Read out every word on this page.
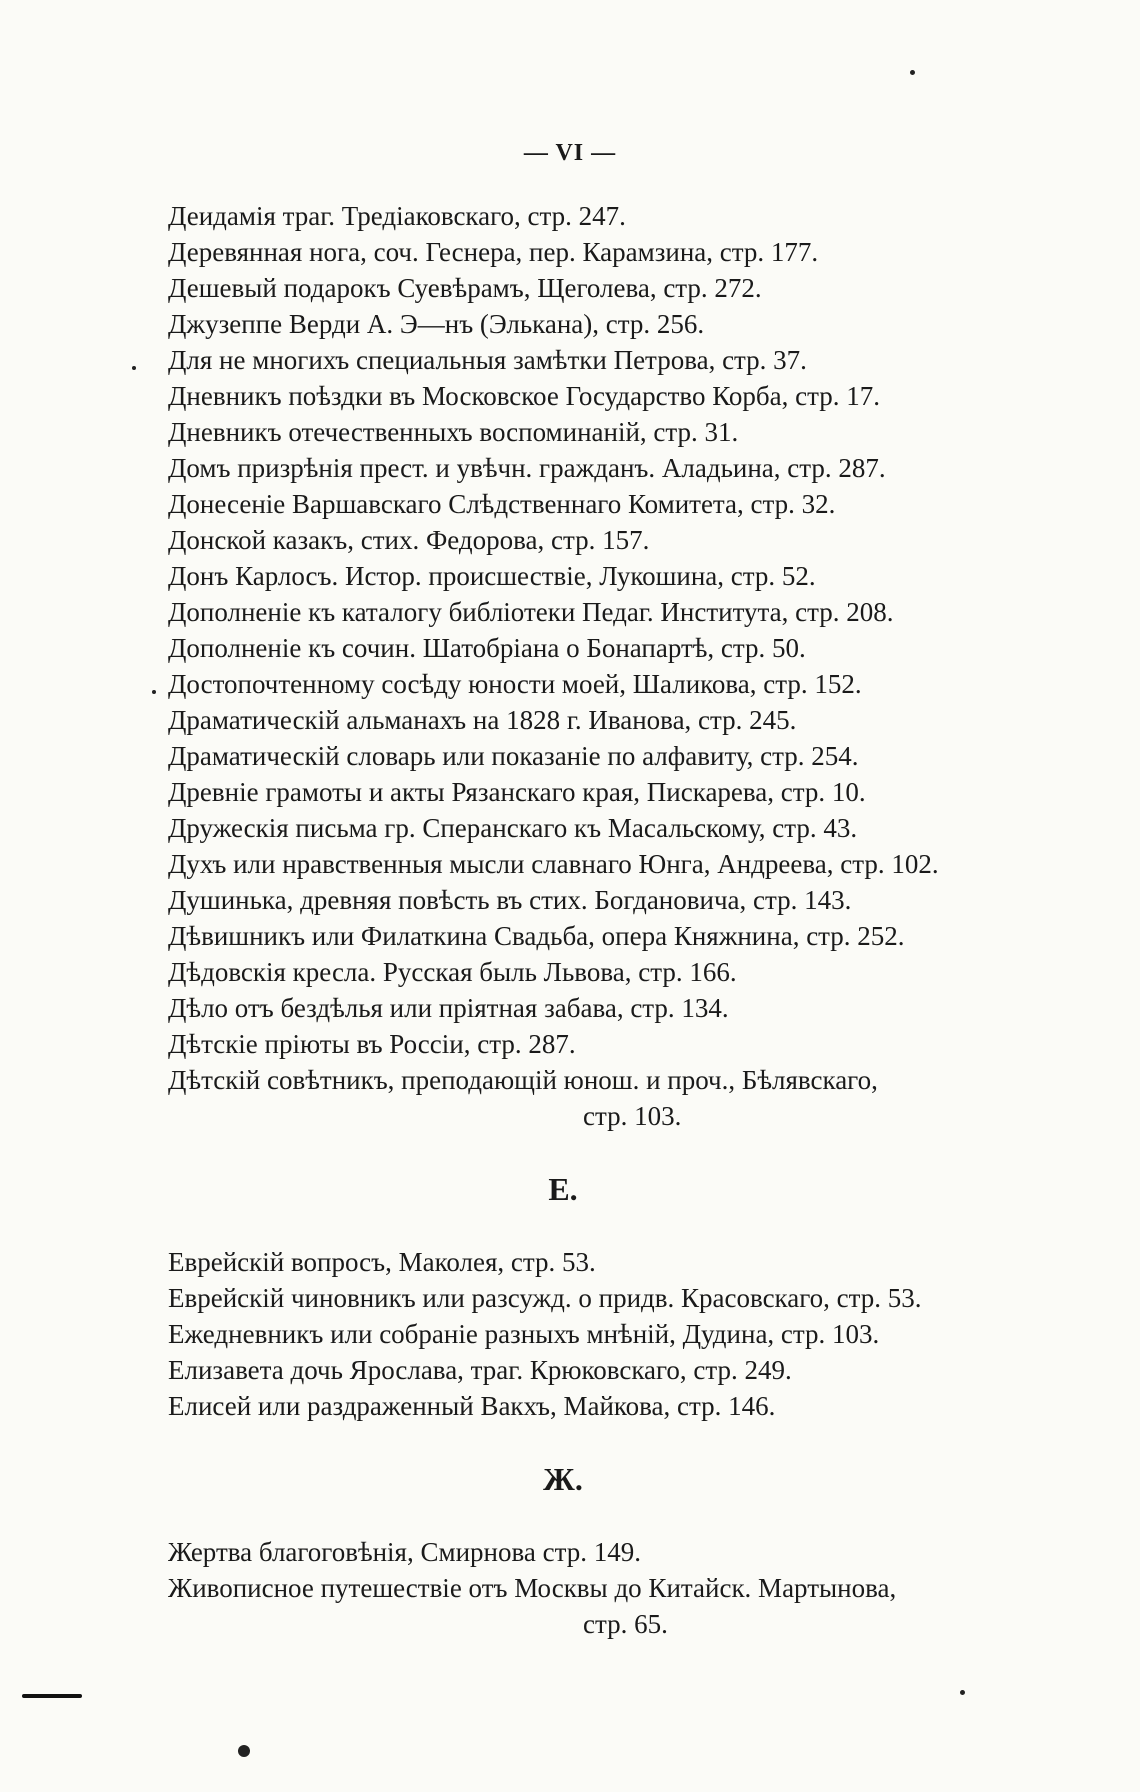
— VI —
Деидамія траг. Тредіаковскаго, стр. 247.
Деревянная нога, соч. Геснера, пер. Карамзина, стр. 177.
Дешевый подарокъ Суевѣрамъ, Щеголева, стр. 272.
Джузеппе Верди А. Э—нъ (Элькана), стр. 256.
Для не многихъ специальныя замѣтки Петрова, стр. 37.
Дневникъ поѣздки въ Московское Государство Корба, стр. 17.
Дневникъ отечественныхъ воспоминаній, стр. 31.
Домъ призрѣнія прест. и увѣчн. гражданъ. Аладьина, стр. 287.
Донесеніе Варшавскаго Слѣдственнаго Комитета, стр. 32.
Донской казакъ, стих. Федорова, стр. 157.
Донъ Карлосъ. Истор. происшествіе, Лукошина, стр. 52.
Дополненіе къ каталогу библіотеки Педаг. Института, стр. 208.
Дополненіе къ сочин. Шатобріана о Бонапартѣ, стр. 50.
Достопочтенному сосѣду юности моей, Шаликова, стр. 152.
Драматическій альманахъ на 1828 г. Иванова, стр. 245.
Драматическій словарь или показаніе по алфавиту, стр. 254.
Древніе грамоты и акты Рязанскаго края, Пискарева, стр. 10.
Дружескія письма гр. Сперанскаго къ Масальскому, стр. 43.
Духъ или нравственныя мысли славнаго Юнга, Андреева, стр. 102.
Душинька, древняя повѣсть въ стих. Богдановича, стр. 143.
Дѣвишникъ или Филаткина Свадьба, опера Княжнина, стр. 252.
Дѣдовскія кресла. Русская быль Львова, стр. 166.
Дѣло отъ бездѣлья или пріятная забава, стр. 134.
Дѣтскіе пріюты въ Россіи, стр. 287.
Дѣтскій совѣтникъ, преподающій юнош. и проч., Бѣлявскаго,
стр. 103.
Е.
Еврейскій вопросъ, Маколея, стр. 53.
Еврейскій чиновникъ или разсужд. о придв. Красовскаго, стр. 53.
Ежедневникъ или собраніе разныхъ мнѣній, Дудина, стр. 103.
Елизавета дочь Ярослава, траг. Крюковскаго, стр. 249.
Елисей или раздраженный Вакхъ, Майкова, стр. 146.
Ж.
Жертва благоговѣнія, Смирнова стр. 149.
Живописное путешествіе отъ Москвы до Китайск. Мартынова,
стр. 65.
